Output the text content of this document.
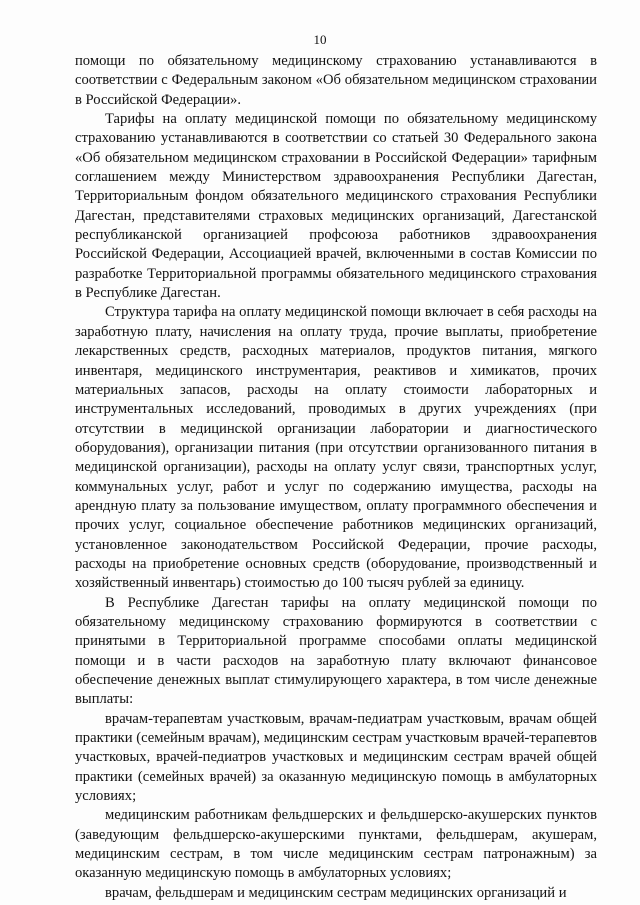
10

помощи по обязательному медицинскому страхованию устанавливаются в соответствии с Федеральным законом «Об обязательном медицинском страховании в Российской Федерации».

Тарифы на оплату медицинской помощи по обязательному медицинскому страхованию устанавливаются в соответствии со статьей 30 Федерального закона «Об обязательном медицинском страховании в Российской Федерации» тарифным соглашением между Министерством здравоохранения Республики Дагестан, Территориальным фондом обязательного медицинского страхования Республики Дагестан, представителями страховых медицинских организаций, Дагестанской республиканской организацией профсоюза работников здравоохранения Российской Федерации, Ассоциацией врачей, включенными в состав Комиссии по разработке Территориальной программы обязательного медицинского страхования в Республике Дагестан.

Структура тарифа на оплату медицинской помощи включает в себя расходы на заработную плату, начисления на оплату труда, прочие выплаты, приобретение лекарственных средств, расходных материалов, продуктов питания, мягкого инвентаря, медицинского инструментария, реактивов и химикатов, прочих материальных запасов, расходы на оплату стоимости лабораторных и инструментальных исследований, проводимых в других учреждениях (при отсутствии в медицинской организации лаборатории и диагностического оборудования), организации питания (при отсутствии организованного питания в медицинской организации), расходы на оплату услуг связи, транспортных услуг, коммунальных услуг, работ и услуг по содержанию имущества, расходы на арендную плату за пользование имуществом, оплату программного обеспечения и прочих услуг, социальное обеспечение работников медицинских организаций, установленное законодательством Российской Федерации, прочие расходы, расходы на приобретение основных средств (оборудование, производственный и хозяйственный инвентарь) стоимостью до 100 тысяч рублей за единицу.

В Республике Дагестан тарифы на оплату медицинской помощи по обязательному медицинскому страхованию формируются в соответствии с принятыми в Территориальной программе способами оплаты медицинской помощи и в части расходов на заработную плату включают финансовое обеспечение денежных выплат стимулирующего характера, в том числе денежные выплаты:

врачам-терапевтам участковым, врачам-педиатрам участковым, врачам общей практики (семейным врачам), медицинским сестрам участковым врачей-терапевтов участковых, врачей-педиатров участковых и медицинским сестрам врачей общей практики (семейных врачей) за оказанную медицинскую помощь в амбулаторных условиях;

медицинским работникам фельдшерских и фельдшерско-акушерских пунктов (заведующим фельдшерско-акушерскими пунктами, фельдшерам, акушерам, медицинским сестрам, в том числе медицинским сестрам патронажным) за оказанную медицинскую помощь в амбулаторных условиях;

врачам, фельдшерам и медицинским сестрам медицинских организаций и
